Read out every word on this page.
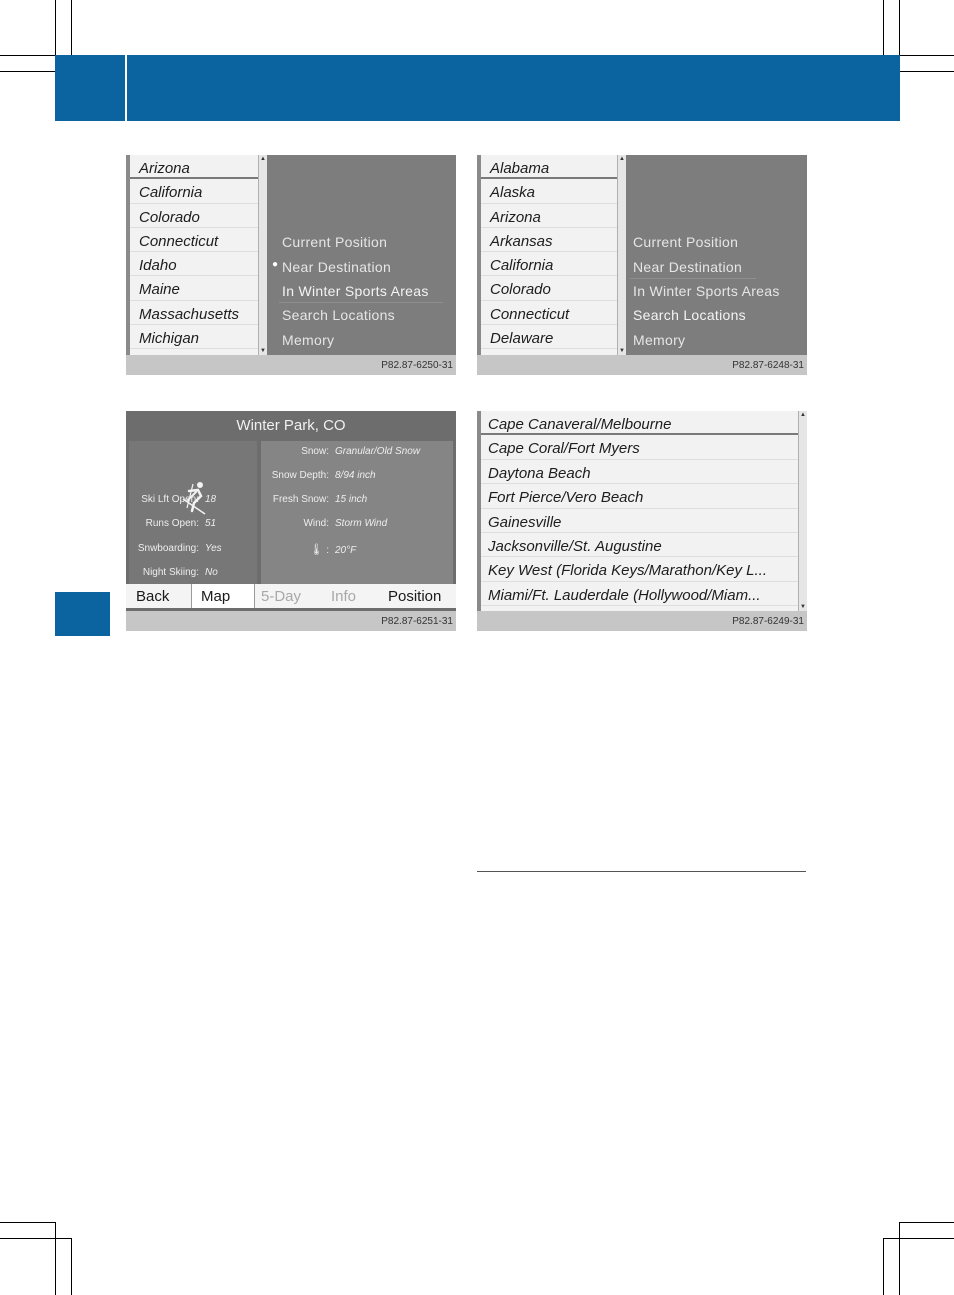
Arizona
California
Colorado
Connecticut
Idaho
Maine
Massachusetts
Michigan
▲
▼
Current Position
● Near Destination
In Winter Sports Areas
Search Locations
Memory
P82.87-6250-31
Alabama
Alaska
Arizona
Arkansas
California
Colorado
Connecticut
Delaware
▲
▼
Current Position
Near Destination
In Winter Sports Areas
Search Locations
Memory
P82.87-6248-31
Winter Park, CO
Ski Lft Open: 18
Runs Open: 51
Snwboarding: Yes
Night Skiing: No
Snow: Granular/Old Snow
Snow Depth: 8/94 inch
Fresh Snow: 15 inch
Wind: Storm Wind
🌡︎ : 20°F
Back	Map	5-Day Info Position
P82.87-6251-31
Cape Canaveral/Melbourne
Cape Coral/Fort Myers
Daytona Beach
Fort Pierce/Vero Beach
Gainesville
Jacksonville/St. Augustine
Key West (Florida Keys/Marathon/Key L...
Miami/Ft. Lauderdale (Hollywood/Miam...
▲
▼
P82.87-6249-31
